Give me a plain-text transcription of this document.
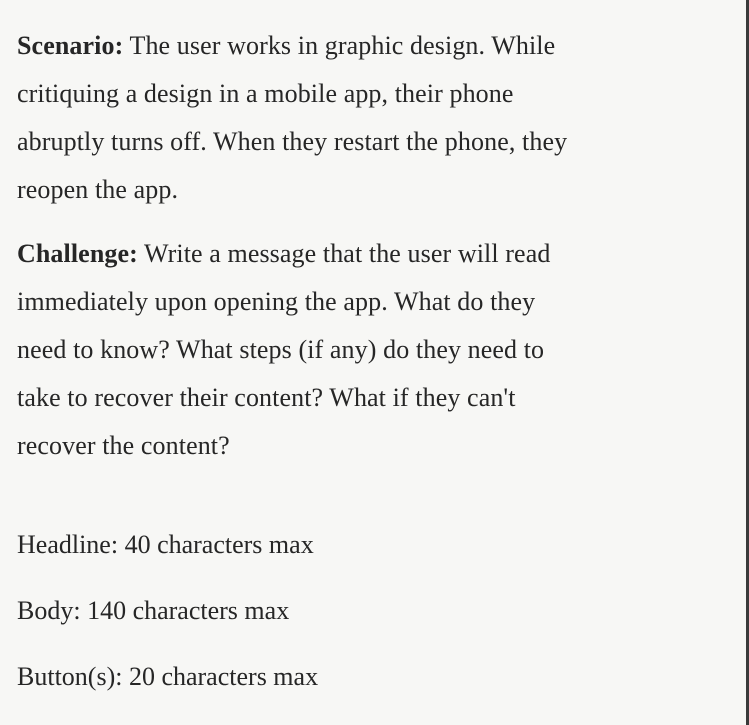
Scenario: The user works in graphic design. While
critiquing a design in a mobile app, their phone
abruptly turns off. When they restart the phone, they
reopen the app.

Challenge: Write a message that the user will read
immediately upon opening the app. What do they
need to know? What steps (if any) do they need to
take to recover their content? What if they can't
recover the content?

Headline: 40 characters max
Body: 140 characters max
Button(s): 20 characters max
